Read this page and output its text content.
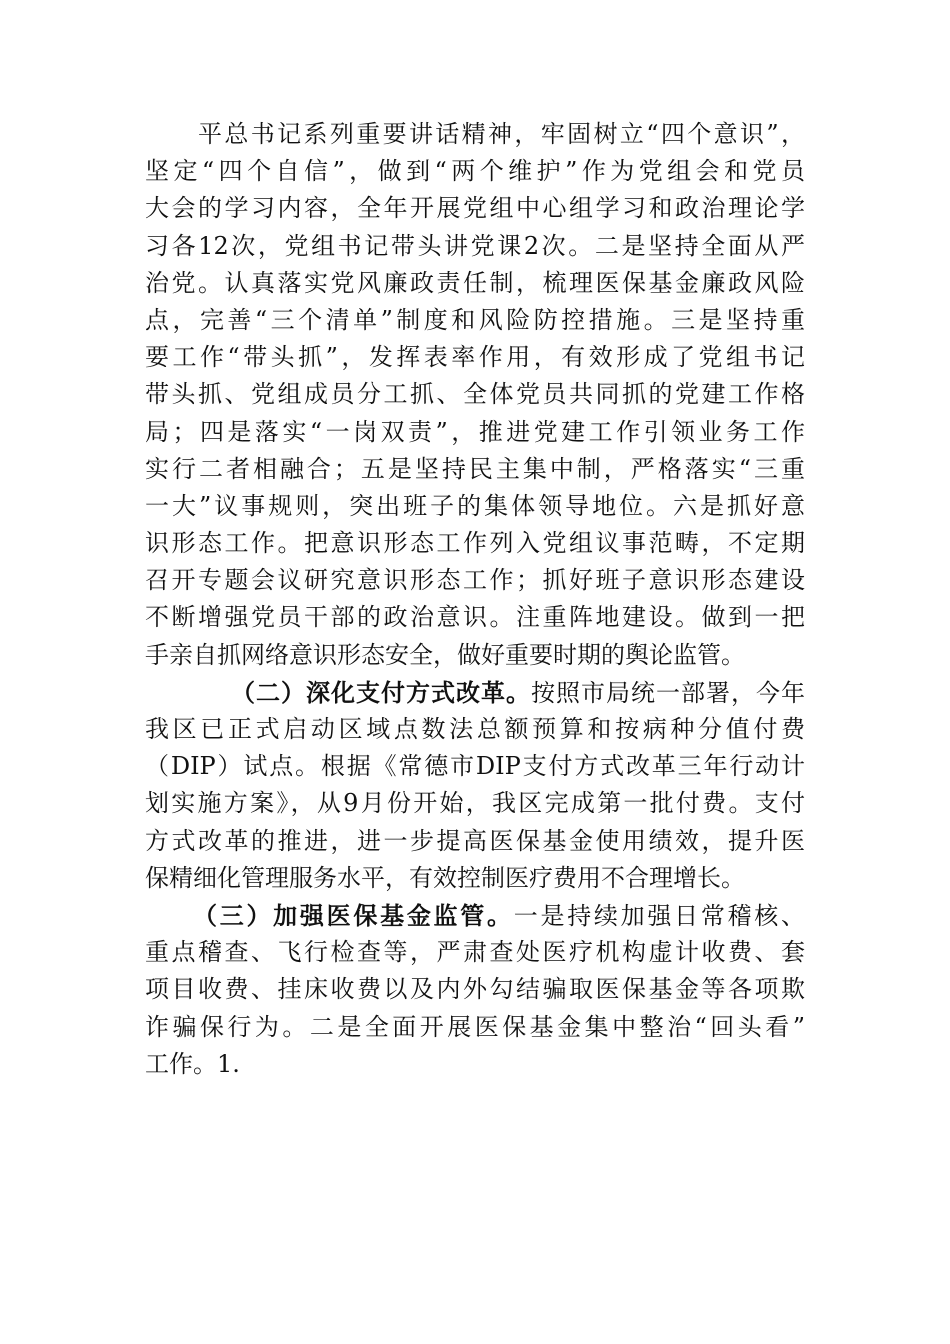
平总书记系列重要讲话精神，牢固树立“四个意识”，
坚定“四个自信”，做到“两个维护”作为党组会和党员
大会的学习内容，全年开展党组中心组学习和政治理论学
习各12次，党组书记带头讲党课2次。二是坚持全面从严
治党。认真落实党风廉政责任制，梳理医保基金廉政风险
点，完善“三个清单”制度和风险防控措施。三是坚持重
要工作“带头抓”，发挥表率作用，有效形成了党组书记
带头抓、党组成员分工抓、全体党员共同抓的党建工作格
局；四是落实“一岗双责”，推进党建工作引领业务工作
实行二者相融合；五是坚持民主集中制，严格落实“三重
一大”议事规则，突出班子的集体领导地位。六是抓好意
识形态工作。把意识形态工作列入党组议事范畴，不定期
召开专题会议研究意识形态工作；抓好班子意识形态建设
不断增强党员干部的政治意识。注重阵地建设。做到一把
手亲自抓网络意识形态安全，做好重要时期的舆论监管。
（二）深化支付方式改革。按照市局统一部署，今年
我区已正式启动区域点数法总额预算和按病种分值付费
（DIP）试点。根据《常德市DIP支付方式改革三年行动计
划实施方案》，从9月份开始，我区完成第一批付费。支付
方式改革的推进，进一步提高医保基金使用绩效，提升医
保精细化管理服务水平，有效控制医疗费用不合理增长。
（三）加强医保基金监管。一是持续加强日常稽核、
重点稽查、飞行检查等，严肃查处医疗机构虚计收费、套
项目收费、挂床收费以及内外勾结骗取医保基金等各项欺
诈骗保行为。二是全面开展医保基金集中整治“回头看”
工作。1.
